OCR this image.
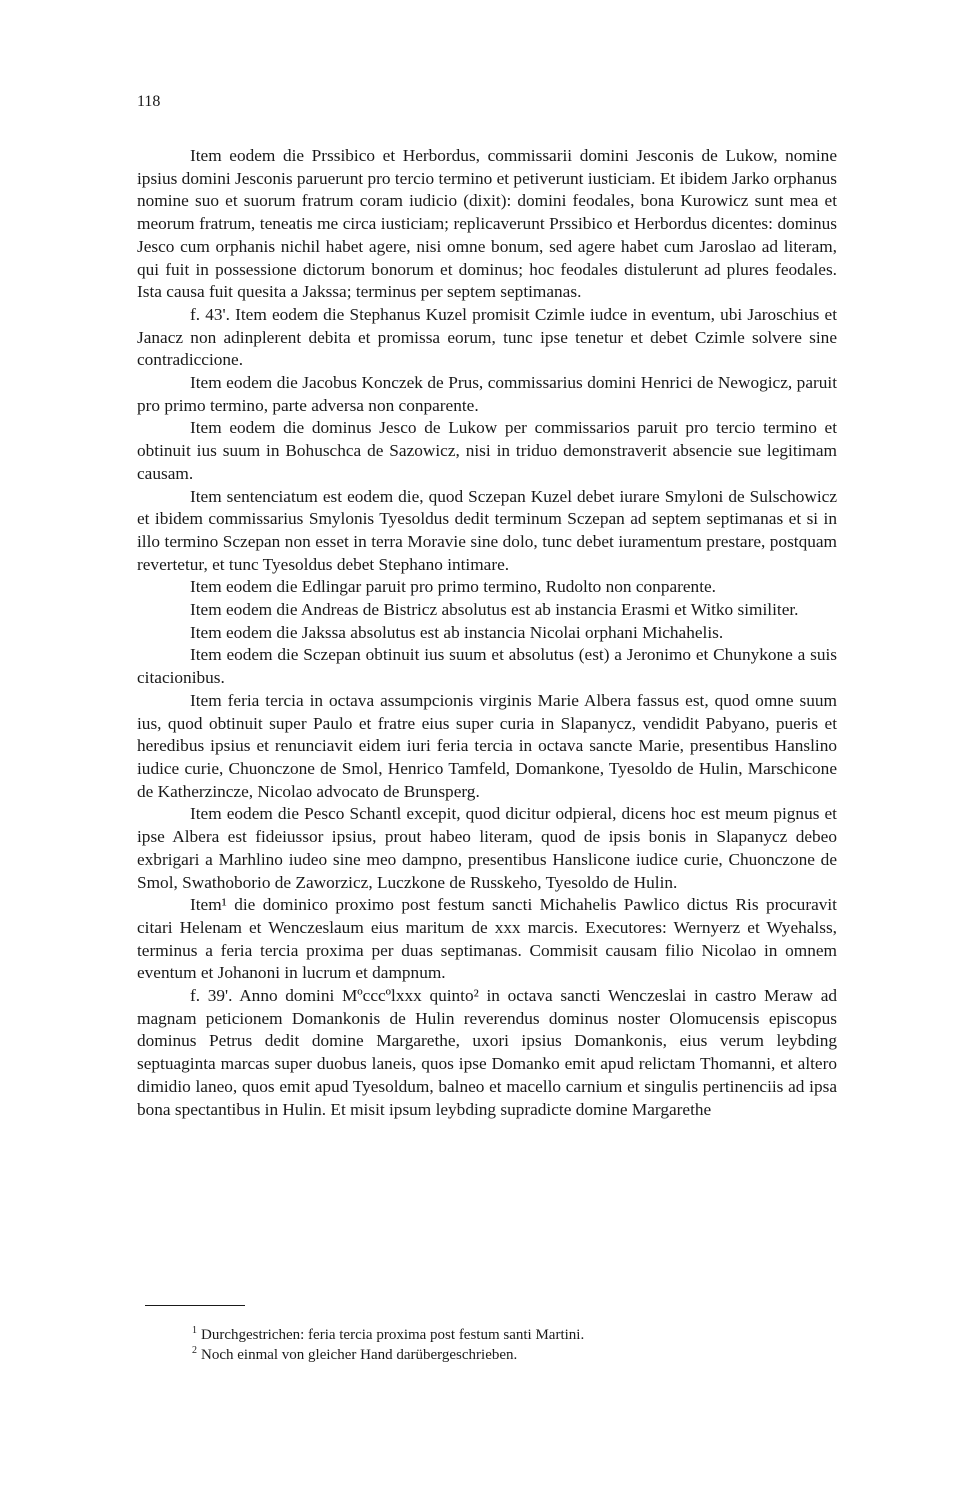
118

Item eodem die Prssibico et Herbordus, commissarii domini Jesconis de Lukow, nomine ipsius domini Jesconis paruerunt pro tercio termino et petiverunt iusticiam. Et ibidem Jarko orphanus nomine suo et suorum fratrum coram iudicio (dixit): domini feodales, bona Kurowicz sunt mea et meorum fratrum, teneatis me circa iusticiam; replicaverunt Prssibico et Herbordus dicentes: dominus Jesco cum orphanis nichil habet agere, nisi omne bonum, sed agere habet cum Jaroslao ad literam, qui fuit in possessione dictorum bonorum et dominus; hoc feodales distulerunt ad plures feodales. Ista causa fuit quesita a Jakssa; terminus per septem septimanas.

f. 43'. Item eodem die Stephanus Kuzel promisit Czimle iudce in eventum, ubi Jaroschius et Janacz non adinplerent debita et promissa eorum, tunc ipse tenetur et debet Czimle solvere sine contradiccione.

Item eodem die Jacobus Konczek de Prus, commissarius domini Henrici de Newogicz, paruit pro primo termino, parte adversa non conparente.

Item eodem die dominus Jesco de Lukow per commissarios paruit pro tercio termino et obtinuit ius suum in Bohuschca de Sazowicz, nisi in triduo demonstraverit absencie sue legitimam causam.

Item sentenciatum est eodem die, quod Sczepan Kuzel debet iurare Smyloni de Sulschowicz et ibidem commissarius Smylonis Tyesoldus dedit terminum Sczepan ad septem septimanas et si in illo termino Sczepan non esset in terra Moravie sine dolo, tunc debet iuramentum prestare, postquam revertetur, et tunc Tyesoldus debet Stephano intimare.

Item eodem die Edlingar paruit pro primo termino, Rudolto non conparente.

Item eodem die Andreas de Bistricz absolutus est ab instancia Erasmi et Witko similiter.

Item eodem die Jakssa absolutus est ab instancia Nicolai orphani Michahelis.

Item eodem die Sczepan obtinuit ius suum et absolutus (est) a Jeronimo et Chunykone a suis citacionibus.

Item feria tercia in octava assumpcionis virginis Marie Albera fassus est, quod omne suum ius, quod obtinuit super Paulo et fratre eius super curia in Slapanycz, vendidit Pabyano, pueris et heredibus ipsius et renunciavit eidem iuri feria tercia in octava sancte Marie, presentibus Hanslino iudice curie, Chuonczone de Smol, Henrico Tamfeld, Domankone, Tyesoldo de Hulin, Marschicone de Katherzincze, Nicolao advocato de Brunsperg.

Item eodem die Pesco Schantl excepit, quod dicitur odpieral, dicens hoc est meum pignus et ipse Albera est fideiussor ipsius, prout habeo literam, quod de ipsis bonis in Slapanycz debeo exbrigari a Marhlino iudeo sine meo dampno, presentibus Hanslicone iudice curie, Chuonczone de Smol, Swathoborio de Zaworzicz, Luczkone de Russkeho, Tyesoldo de Hulin.

Item¹ die dominico proximo post festum sancti Michahelis Pawlico dictus Ris procuravit citari Helenam et Wenczeslaum eius maritum de xxx marcis. Executores: Wernyerz et Wyehalss, terminus a feria tercia proxima per duas septimanas. Commisit causam filio Nicolao in omnem eventum et Johanoni in lucrum et dampnum.

f. 39'. Anno domini Mºcccºlxxx quinto² in octava sancti Wenczeslai in castro Meraw ad magnam peticionem Domankonis de Hulin reverendus dominus noster Olomucensis episcopus dominus Petrus dedit domine Margarethe, uxori ipsius Domankonis, eius verum leybding septuaginta marcas super duobus laneis, quos ipse Domanko emit apud relictam Thomanni, et altero dimidio laneo, quos emit apud Tyesoldum, balneo et macello carnium et singulis pertinenciis ad ipsa bona spectantibus in Hulin. Et misit ipsum leybding supradicte domine Margarethe

$^1$ Durchgestrichen: feria tercia proxima post festum santi Martini.

$^2$ Noch einmal von gleicher Hand darübergeschrieben.
